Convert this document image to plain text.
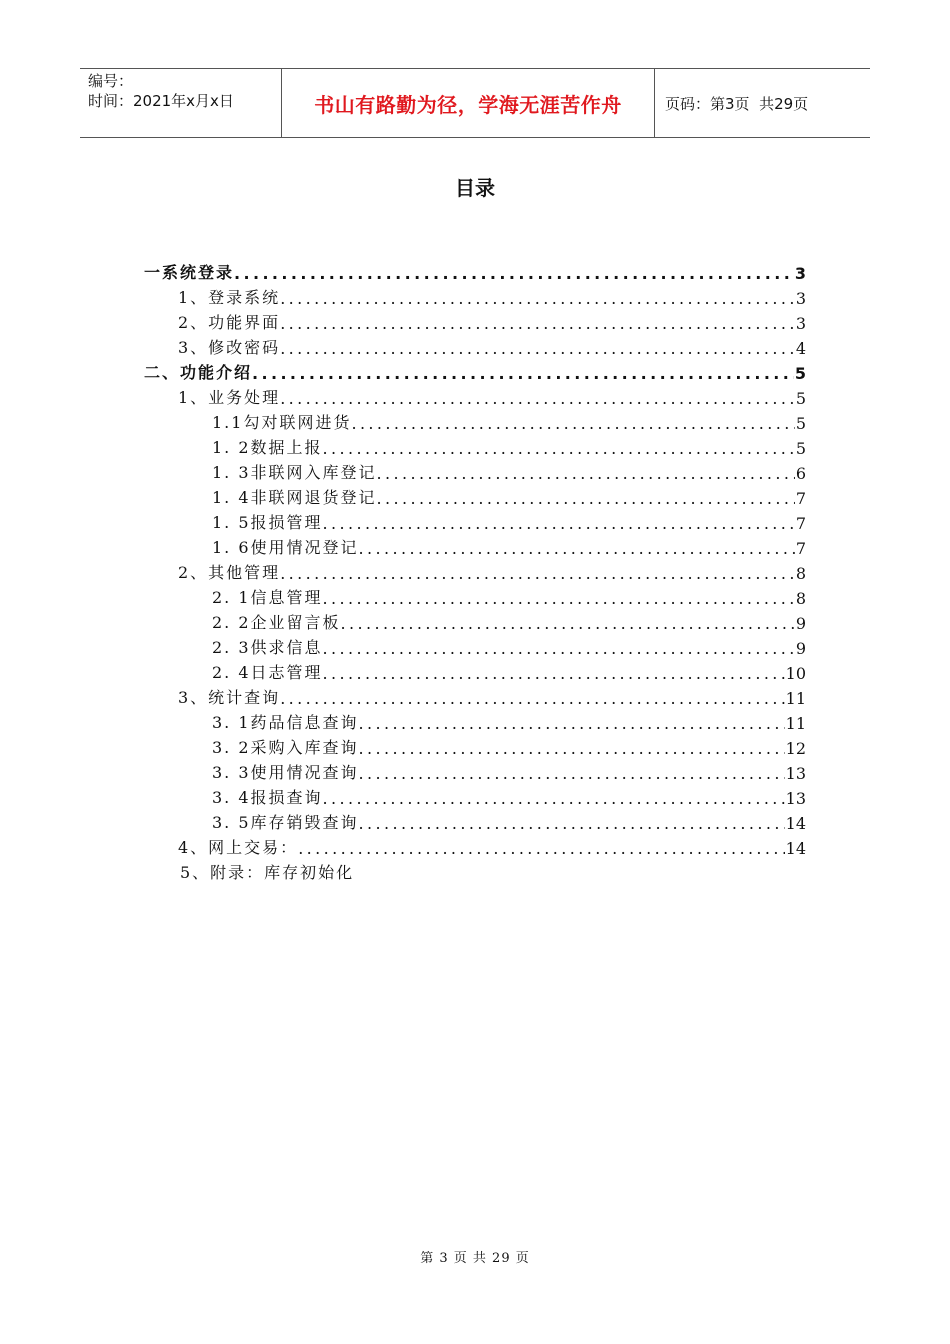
编号：
时间：2021年x月x日	书山有路勤为径，学海无涯苦作舟	页码：第3页  共29页
目录
一系统登录 .....	3
1、登录系统 .....	3
2、功能界面 .....	3
3、修改密码 .....	4
二、功能介绍 .....	5
1、业务处理 .....	5
1.1勾对联网进货 .....	5
1. 2数据上报 .....	5
1. 3非联网入库登记 .....	6
1. 4非联网退货登记 .....	7
1. 5报损管理 .....	7
1. 6使用情况登记 .....	7
2、其他管理 .....	8
2. 1信息管理 .....	8
2. 2企业留言板 .....	9
2. 3供求信息 .....	9
2. 4日志管理 .....	10
3、统计查询 .....	11
3. 1药品信息查询 .....	11
3. 2采购入库查询 .....	12
3. 3使用情况查询 .....	13
3. 4报损查询 .....	13
3. 5库存销毁查询 .....	14
4、网上交易： .....	14
5、附录：库存初始化
第 3 页 共 29 页
